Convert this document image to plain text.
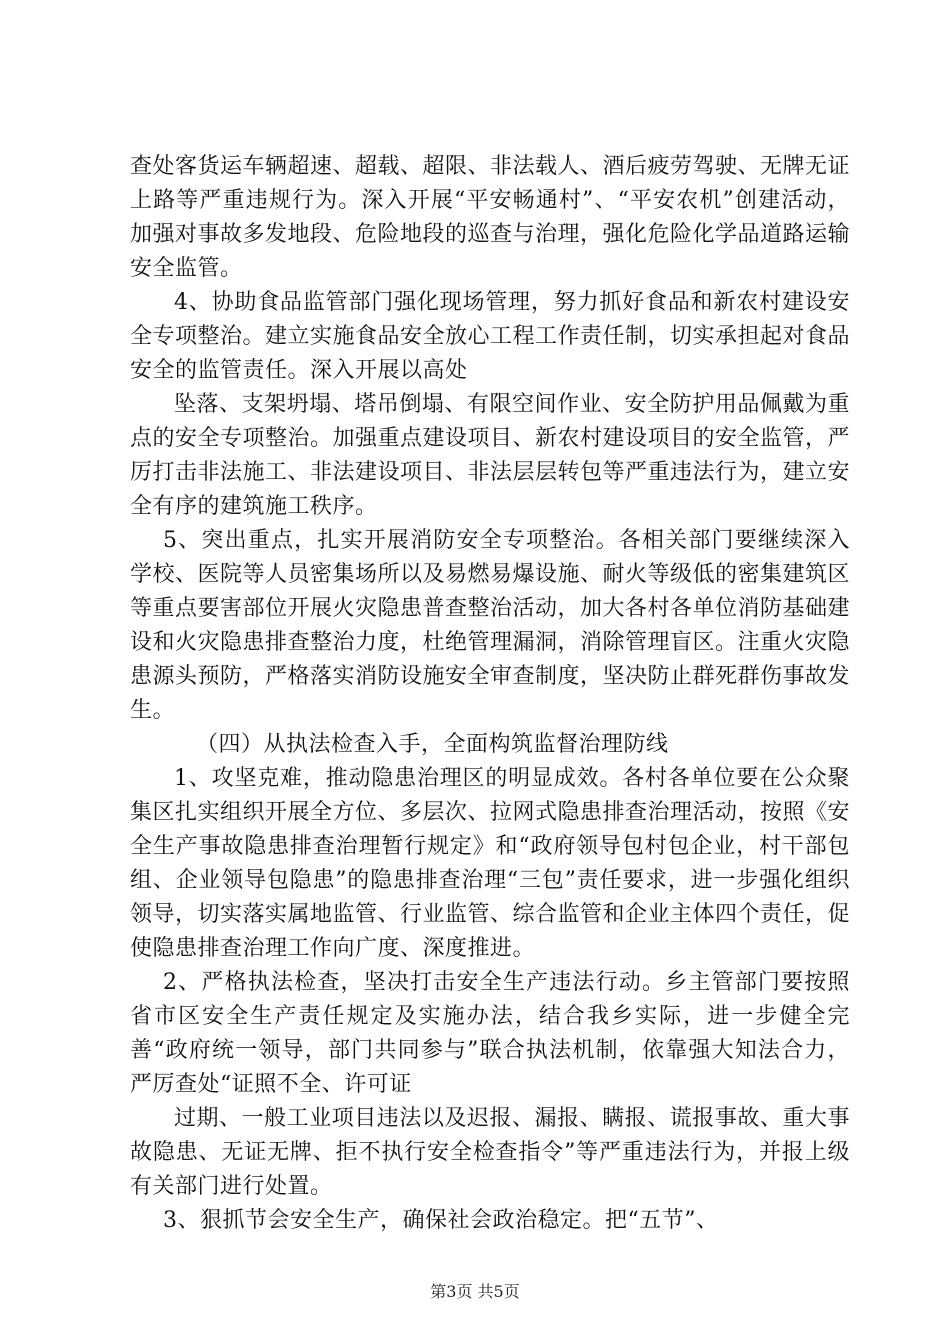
查处客货运车辆超速、超载、超限、非法载人、酒后疲劳驾驶、无牌无证上路等严重违规行为。深入开展“平安畅通村”、“平安农机”创建活动，加强对事故多发地段、危险地段的巡查与治理，强化危险化学品道路运输安全监管。

4、协助食品监管部门强化现场管理，努力抓好食品和新农村建设安全专项整治。建立实施食品安全放心工程工作责任制，切实承担起对食品安全的监管责任。深入开展以高处

坠落、支架坍塌、塔吊倒塌、有限空间作业、安全防护用品佩戴为重点的安全专项整治。加强重点建设项目、新农村建设项目的安全监管，严厉打击非法施工、非法建设项目、非法层层转包等严重违法行为，建立安全有序的建筑施工秩序。

5、突出重点，扎实开展消防安全专项整治。各相关部门要继续深入学校、医院等人员密集场所以及易燃易爆设施、耐火等级低的密集建筑区等重点要害部位开展火灾隐患普查整治活动，加大各村各单位消防基础建设和火灾隐患排查整治力度，杜绝管理漏洞，消除管理盲区。注重火灾隐患源头预防，严格落实消防设施安全审查制度，坚决防止群死群伤事故发生。

（四）从执法检查入手，全面构筑监督治理防线

1、攻坚克难，推动隐患治理区的明显成效。各村各单位要在公众聚集区扎实组织开展全方位、多层次、拉网式隐患排查治理活动，按照《安全生产事故隐患排查治理暂行规定》和“政府领导包村包企业，村干部包组、企业领导包隐患”的隐患排查治理“三包”责任要求，进一步强化组织领导，切实落实属地监管、行业监管、综合监管和企业主体四个责任，促使隐患排查治理工作向广度、深度推进。

2、严格执法检查，坚决打击安全生产违法行动。乡主管部门要按照省市区安全生产责任规定及实施办法，结合我乡实际，进一步健全完善“政府统一领导，部门共同参与”联合执法机制，依靠强大知法合力，严厉查处“证照不全、许可证

过期、一般工业项目违法以及迟报、漏报、瞒报、谎报事故、重大事故隐患、无证无牌、拒不执行安全检查指令”等严重违法行为，并报上级有关部门进行处置。

3、狠抓节会安全生产，确保社会政治稳定。把“五节”、

第3页 共5页
